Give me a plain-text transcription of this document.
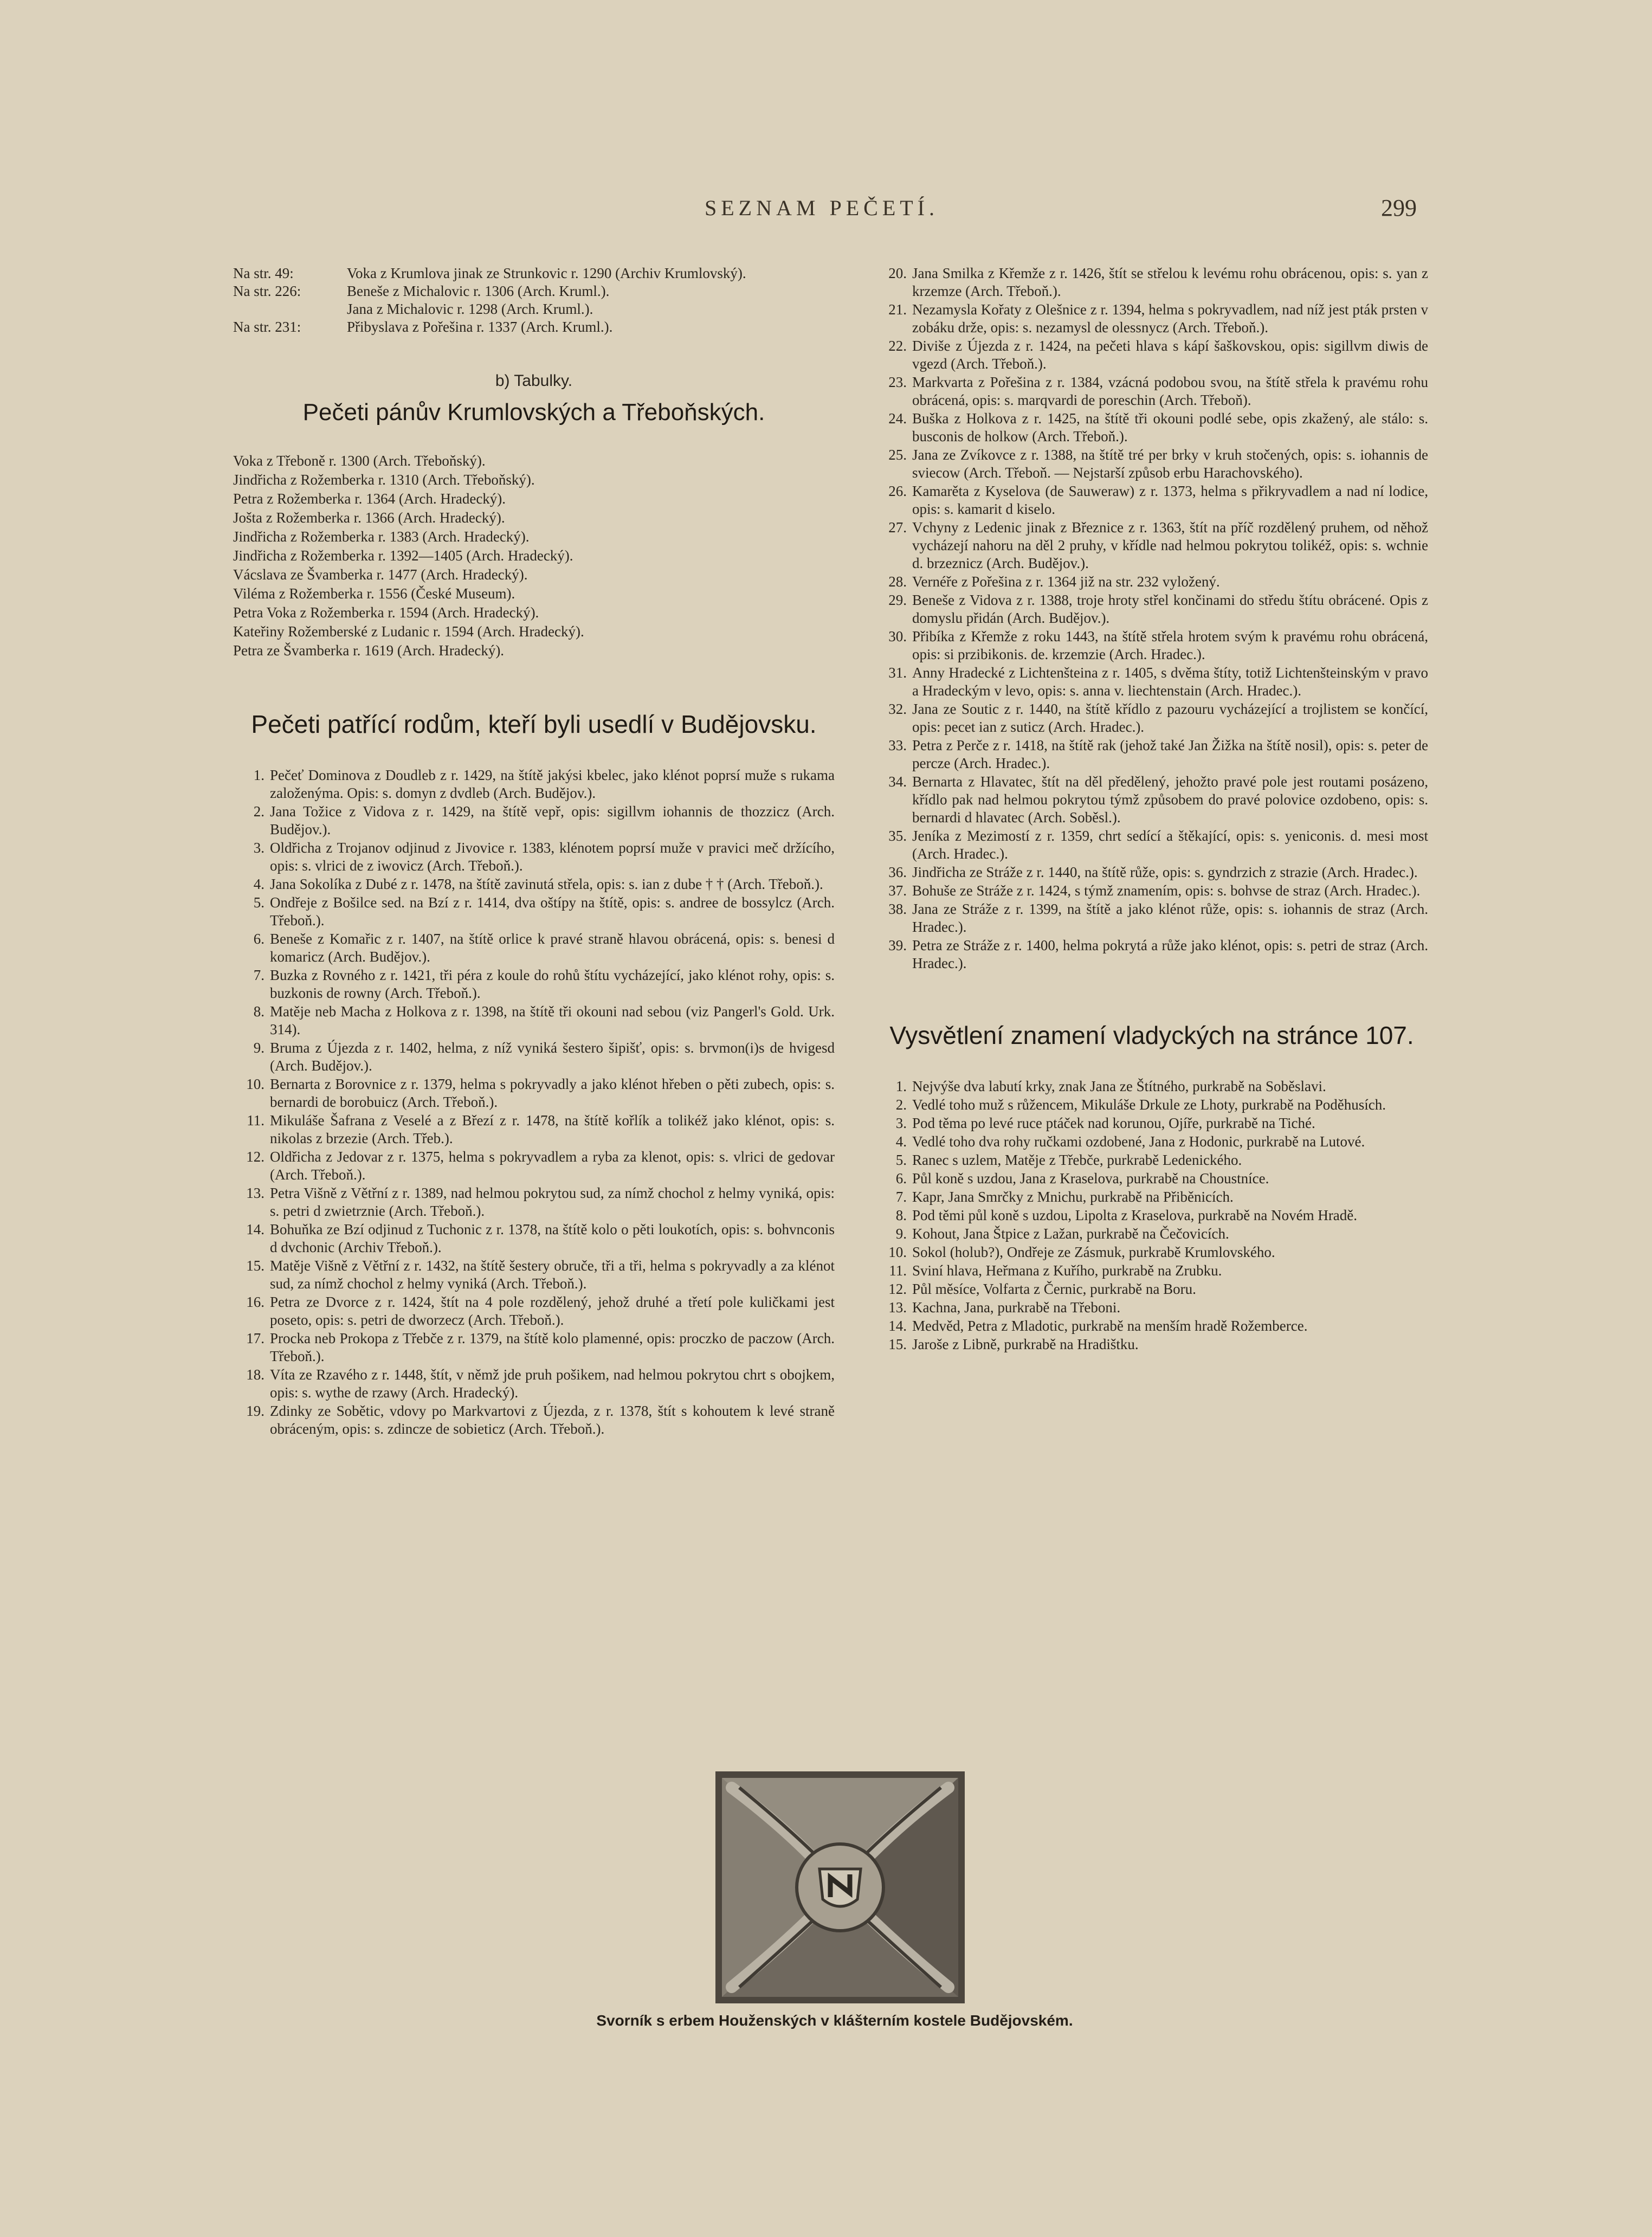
SEZNAM PEČETÍ.	299
Na str. 49:	Voka z Krumlova jinak ze Strunkovic r. 1290 (Archiv Krumlovský).
Na str. 226:	Beneše z Michalovic r. 1306 (Arch. Kruml.).
Jana z Michalovic r. 1298 (Arch. Kruml.).
Na str. 231:	Přibyslava z Pořešina r. 1337 (Arch. Kruml.).
b) Tabulky.
Pečeti pánův Krumlovských a Třeboňských.
Voka z Třeboně r. 1300 (Arch. Třeboňský).
Jindřicha z Rožemberka r. 1310 (Arch. Třeboňský).
Petra z Rožemberka r. 1364 (Arch. Hradecký).
Jošta z Rožemberka r. 1366 (Arch. Hradecký).
Jindřicha z Rožemberka r. 1383 (Arch. Hradecký).
Jindřicha z Rožemberka r. 1392—1405 (Arch. Hradecký).
Vácslava ze Švamberka r. 1477 (Arch. Hradecký).
Viléma z Rožemberka r. 1556 (České Museum).
Petra Voka z Rožemberka r. 1594 (Arch. Hradecký).
Kateřiny Rožemberské z Ludanic r. 1594 (Arch. Hradecký).
Petra ze Švamberka r. 1619 (Arch. Hradecký).
Pečeti patřící rodům, kteří byli usedlí v Budějovsku.
1. Pečeť Dominova z Doudleb z r. 1429, na štítě jakýsi kbelec, jako klénot poprsí muže s rukama založenýma. Opis: s. domyn z dvdleb (Arch. Budějov.).
2. Jana Tožice z Vidova z r. 1429, na štítě vepř, opis: sigillvm iohannis de thozzicz (Arch. Budějov.).
3. Oldřicha z Trojanov odjinud z Jivovice r. 1383, klénotem poprsí muže v pravici meč držícího, opis: s. vlrici de z iwovicz (Arch. Třeboň.).
4. Jana Sokolíka z Dubé z r. 1478, na štítě zavinutá střela, opis: s. ian z dube † † (Arch. Třeboň.).
5. Ondřeje z Bošilce sed. na Bzí z r. 1414, dva oštípy na štítě, opis: s. andree de bossylcz (Arch. Třeboň.).
6. Beneše z Komařic z r. 1407, na štítě orlice k pravé straně hlavou obrácená, opis: s. benesi d komaricz (Arch. Budějov.).
7. Buzka z Rovného z r. 1421, tři péra z koule do rohů štítu vycházející, jako klénot rohy, opis: s. buzkonis de rowny (Arch. Třeboň.).
8. Matěje neb Macha z Holkova z r. 1398, na štítě tři okouni nad sebou (viz Pangerl's Gold. Urk. 314).
9. Bruma z Újezda z r. 1402, helma, z níž vyniká šestero šipišť, opis: s. brvmon(i)s de hvigesd (Arch. Budějov.).
10. Bernarta z Borovnice z r. 1379, helma s pokryvadly a jako klénot hřeben o pěti zubech, opis: s. bernardi de borobuicz (Arch. Třeboň.).
11. Mikuláše Šafrana z Veselé a z Březí z r. 1478, na štítě kořlík a tolikéž jako klénot, opis: s. nikolas z brzezie (Arch. Třeb.).
12. Oldřicha z Jedovar z r. 1375, helma s pokryvadlem a ryba za klenot, opis: s. vlrici de gedovar (Arch. Třeboň.).
13. Petra Višně z Větřní z r. 1389, nad helmou pokrytou sud, za nímž chochol z helmy vyniká, opis: s. petri d zwietrznie (Arch. Třeboň.).
14. Bohuňka ze Bzí odjinud z Tuchonic z r. 1378, na štítě kolo o pěti loukotích, opis: s. bohvnconis d dvchonic (Archiv Třeboň.).
15. Matěje Višně z Větřní z r. 1432, na štítě šestery obruče, tři a tři, helma s pokryvadly a za klénot sud, za nímž chochol z helmy vyniká (Arch. Třeboň.).
16. Petra ze Dvorce z r. 1424, štít na 4 pole rozdělený, jehož druhé a třetí pole kuličkami jest poseto, opis: s. petri de dworzecz (Arch. Třeboň.).
17. Procka neb Prokopa z Třebče z r. 1379, na štítě kolo plamenné, opis: proczko de paczow (Arch. Třeboň.).
18. Víta ze Rzavého z r. 1448, štít, v němž jde pruh pošikem, nad helmou pokrytou chrt s obojkem, opis: s. wythe de rzawy (Arch. Hradecký).
19. Zdinky ze Sobětic, vdovy po Markvartovi z Újezda, z r. 1378, štít s kohoutem k levé straně obráceným, opis: s. zdincze de sobieticz (Arch. Třeboň.).
20. Jana Smilka z Křemže z r. 1426, štít se střelou k levému rohu obrácenou, opis: s. yan z krzemze (Arch. Třeboň.).
21. Nezamysla Kořaty z Olešnice z r. 1394, helma s pokryvadlem, nad níž jest pták prsten v zobáku drže, opis: s. nezamysl de olessnycz (Arch. Třeboň.).
22. Diviše z Újezda z r. 1424, na pečeti hlava s kápí šaškovskou, opis: sigillvm diwis de vgezd (Arch. Třeboň.).
23. Markvarta z Pořešina z r. 1384, vzácná podobou svou, na štítě střela k pravému rohu obrácená, opis: s. marqvardi de poreschin (Arch. Třeboň).
24. Buška z Holkova z r. 1425, na štítě tři okouni podlé sebe, opis zkažený, ale stálo: s. busconis de holkow (Arch. Třeboň.).
25. Jana ze Zvíkovce z r. 1388, na štítě tré per brky v kruh stočených, opis: s. iohannis de sviecow (Arch. Třeboň. — Nejstarší způsob erbu Harachovského).
26. Kamarěta z Kyselova (de Sauweraw) z r. 1373, helma s přikryvadlem a nad ní lodice, opis: s. kamarit d kiselo.
27. Vchyny z Ledenic jinak z Březnice z r. 1363, štít na příč rozdělený pruhem, od něhož vycházejí nahoru na děl 2 pruhy, v křídle nad helmou pokrytou tolikéž, opis: s. wchnie d. brzeznicz (Arch. Budějov.).
28. Vernéře z Pořešina z r. 1364 již na str. 232 vyložený.
29. Beneše z Vidova z r. 1388, troje hroty střel končinami do středu štítu obrácené. Opis z domyslu přidán (Arch. Budějov.).
30. Přibíka z Křemže z roku 1443, na štítě střela hrotem svým k pravému rohu obrácená, opis: si przibikonis. de. krzemzie (Arch. Hradec.).
31. Anny Hradecké z Lichtenšteina z r. 1405, s dvěma štíty, totiž Lichtenšteinským v pravo a Hradeckým v levo, opis: s. anna v. liechtenstain (Arch. Hradec.).
32. Jana ze Soutic z r. 1440, na štítě křídlo z pazouru vycházející a trojlistem se končící, opis: pecet ian z suticz (Arch. Hradec.).
33. Petra z Perče z r. 1418, na štítě rak (jehož také Jan Žižka na štítě nosil), opis: s. peter de percze (Arch. Hradec.).
34. Bernarta z Hlavatec, štít na děl předělený, jehožto pravé pole jest routami posázeno, křídlo pak nad helmou pokrytou týmž způsobem do pravé polovice ozdobeno, opis: s. bernardi d hlavatec (Arch. Soběsl.).
35. Jeníka z Mezimostí z r. 1359, chrt sedící a štěkající, opis: s. yeniconis. d. mesi most (Arch. Hradec.).
36. Jindřicha ze Stráže z r. 1440, na štítě růže, opis: s. gyndrzich z strazie (Arch. Hradec.).
37. Bohuše ze Stráže z r. 1424, s týmž znamením, opis: s. bohvse de straz (Arch. Hradec.).
38. Jana ze Stráže z r. 1399, na štítě a jako klénot růže, opis: s. iohannis de straz (Arch. Hradec.).
39. Petra ze Stráže z r. 1400, helma pokrytá a růže jako klénot, opis: s. petri de straz (Arch. Hradec.).
Vysvětlení znamení vladyckých na stránce 107.
1. Nejvýše dva labutí krky, znak Jana ze Štítného, purkrabě na Soběslavi.
2. Vedlé toho muž s růžencem, Mikuláše Drkule ze Lhoty, purkrabě na Poděhusích.
3. Pod těma po levé ruce ptáček nad korunou, Ojíře, purkrabě na Tiché.
4. Vedlé toho dva rohy ručkami ozdobené, Jana z Hodonic, purkrabě na Lutové.
5. Ranec s uzlem, Matěje z Třebče, purkrabě Ledenického.
6. Půl koně s uzdou, Jana z Kraselova, purkrabě na Choustníce.
7. Kapr, Jana Smrčky z Mnichu, purkrabě na Přiběnicích.
8. Pod těmi půl koně s uzdou, Lipolta z Kraselova, purkrabě na Novém Hradě.
9. Kohout, Jana Štpice z Lažan, purkrabě na Čečovicích.
10. Sokol (holub?), Ondřeje ze Zásmuk, purkrabě Krumlovského.
11. Sviní hlava, Heřmana z Kuřího, purkrabě na Zrubku.
12. Půl měsíce, Volfarta z Černic, purkrabě na Boru.
13. Kachna, Jana, purkrabě na Třeboni.
14. Medvěd, Petra z Mladotic, purkrabě na menším hradě Rožemberce.
15. Jaroše z Libně, purkrabě na Hradištku.
Svorník s erbem Houženských v klášterním kostele Budějovském.
